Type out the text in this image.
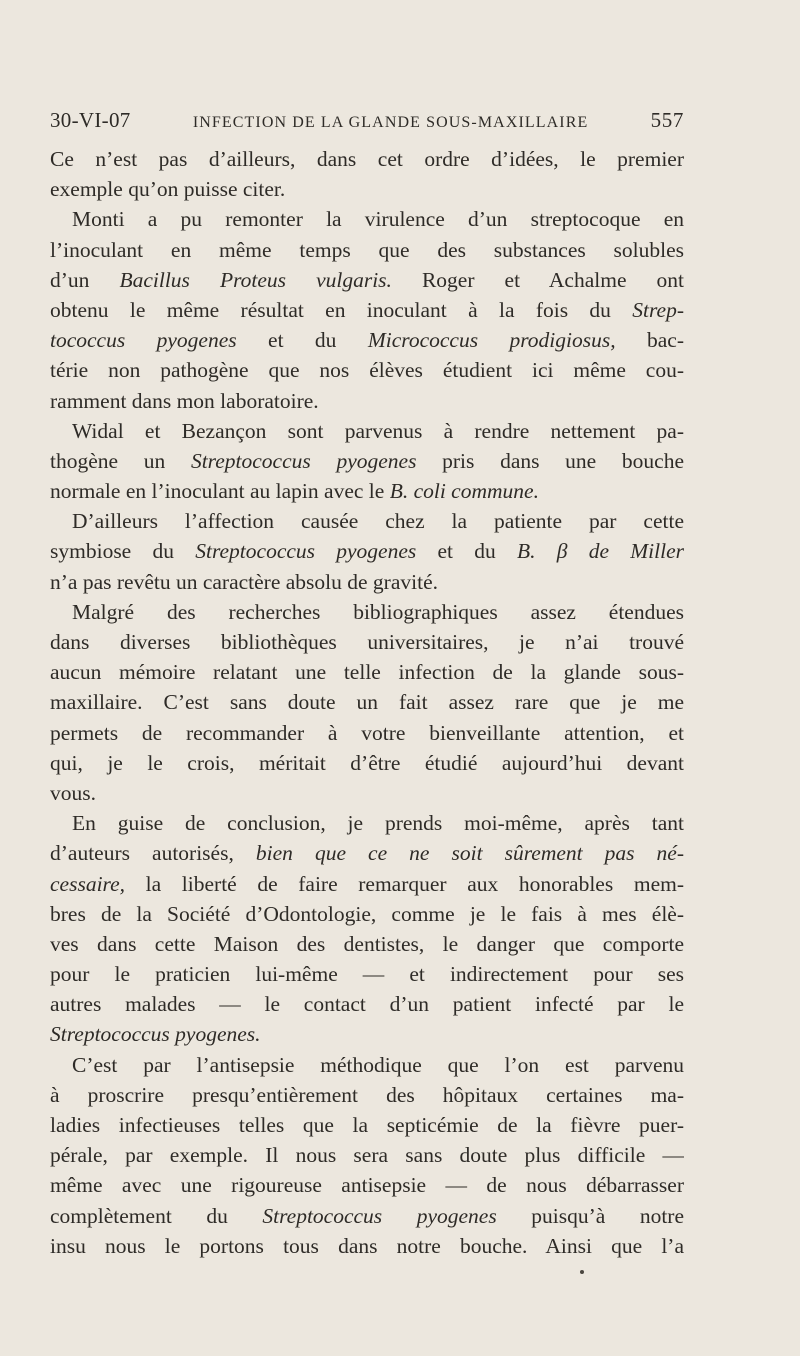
30-VI-07	INFECTION DE LA GLANDE SOUS-MAXILLAIRE	557
Ce n’est pas d’ailleurs, dans cet ordre d’idées, le premier
exemple qu’on puisse citer.
Monti a pu remonter la virulence d’un streptocoque en
l’inoculant en même temps que des substances solubles
d’un Bacillus Proteus vulgaris. Roger et Achalme ont
obtenu le même résultat en inoculant à la fois du Strep-
tococcus pyogenes et du Micrococcus prodigiosus, bac-
térie non pathogène que nos élèves étudient ici même cou-
ramment dans mon laboratoire.
Widal et Bezançon sont parvenus à rendre nettement pa-
thogène un Streptococcus pyogenes pris dans une bouche
normale en l’inoculant au lapin avec le B. coli commune.
D’ailleurs l’affection causée chez la patiente par cette
symbiose du Streptococcus pyogenes et du B. β de Miller
n’a pas revêtu un caractère absolu de gravité.
Malgré des recherches bibliographiques assez étendues
dans diverses bibliothèques universitaires, je n’ai trouvé
aucun mémoire relatant une telle infection de la glande sous-
maxillaire. C’est sans doute un fait assez rare que je me
permets de recommander à votre bienveillante attention, et
qui, je le crois, méritait d’être étudié aujourd’hui devant
vous.
En guise de conclusion, je prends moi-même, après tant
d’auteurs autorisés, bien que ce ne soit sûrement pas né-
cessaire, la liberté de faire remarquer aux honorables mem-
bres de la Société d’Odontologie, comme je le fais à mes élè-
ves dans cette Maison des dentistes, le danger que comporte
pour le praticien lui-même — et indirectement pour ses
autres malades — le contact d’un patient infecté par le
Streptococcus pyogenes.
C’est par l’antisepsie méthodique que l’on est parvenu
à proscrire presqu’entièrement des hôpitaux certaines ma-
ladies infectieuses telles que la septicémie de la fièvre puer-
pérale, par exemple. Il nous sera sans doute plus difficile —
même avec une rigoureuse antisepsie — de nous débarrasser
complètement du Streptococcus pyogenes puisqu’à notre
insu nous le portons tous dans notre bouche. Ainsi que l’a
